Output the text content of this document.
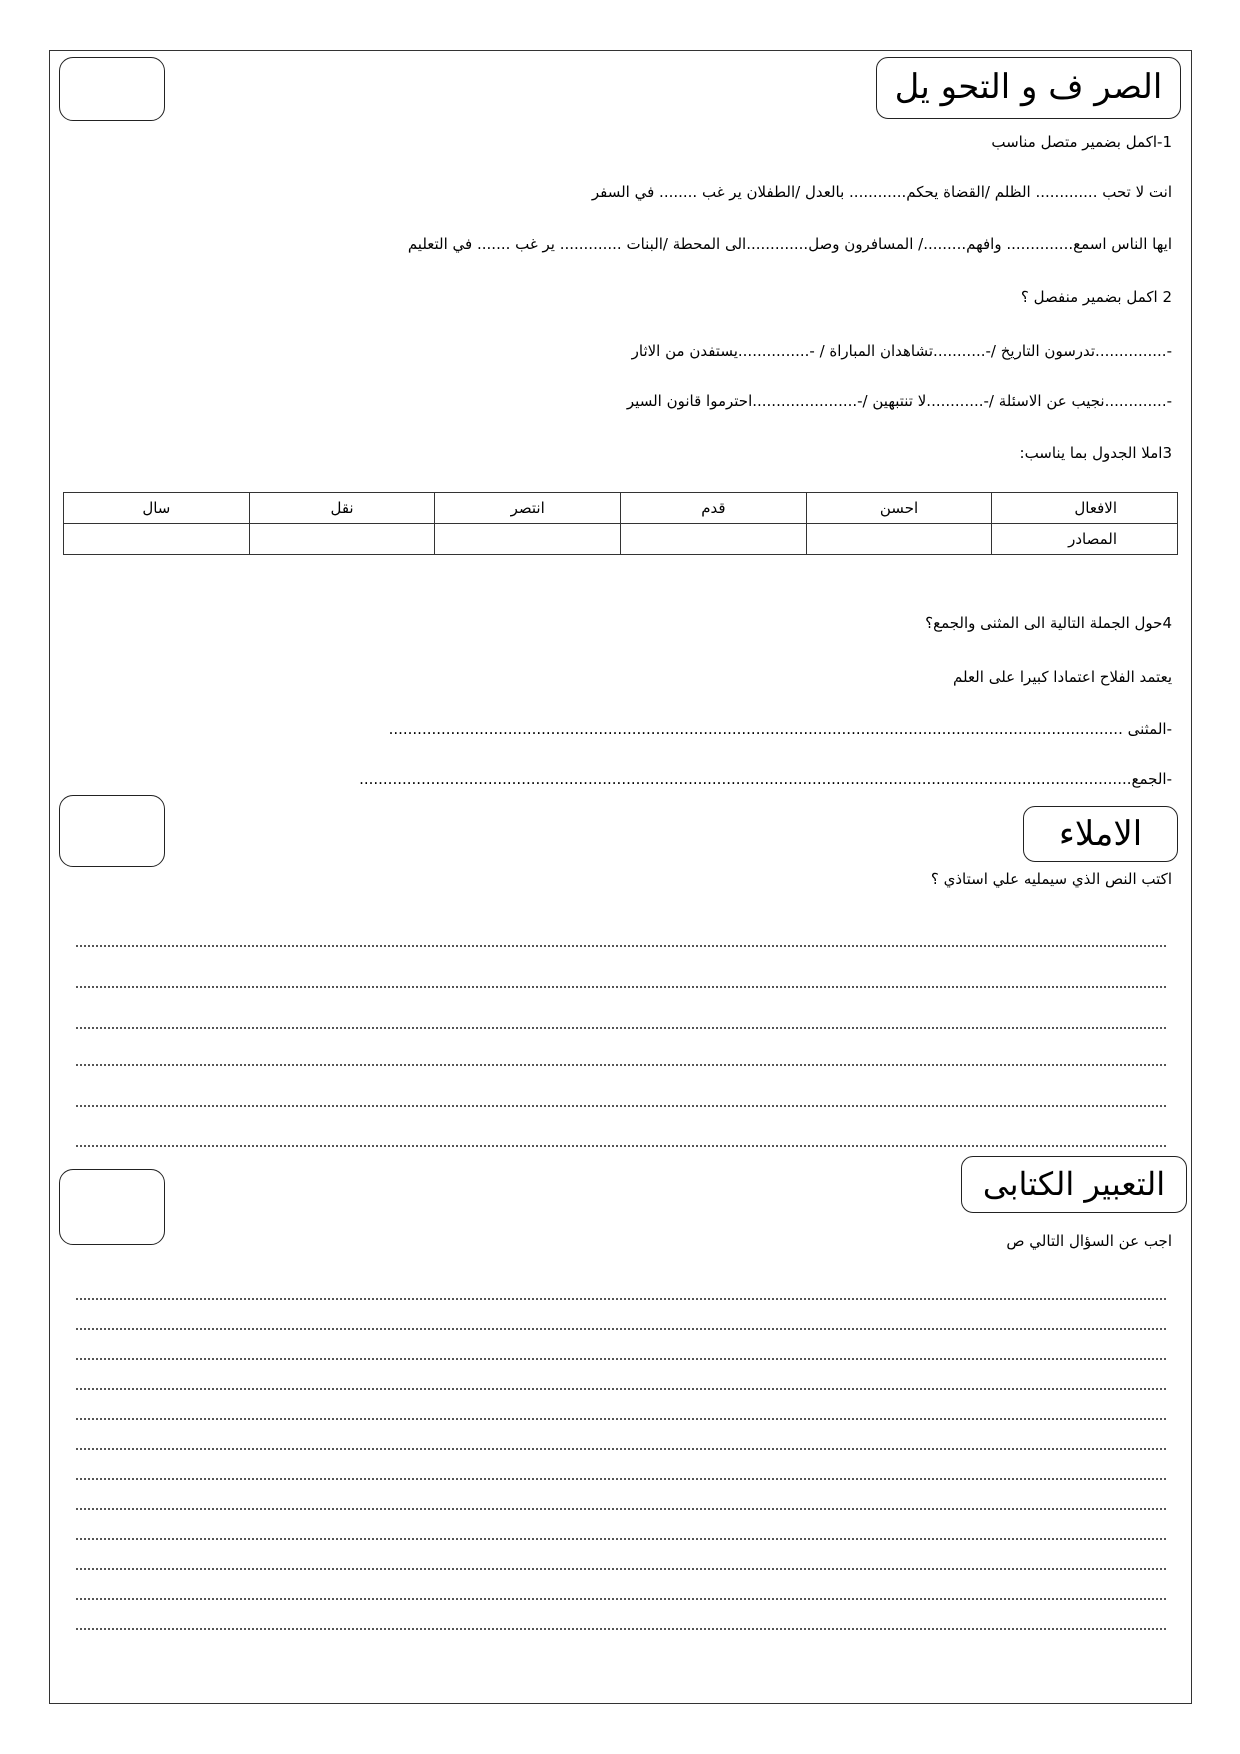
الصر ف و التحو يل
1-اكمل بضمير متصل مناسب
انت لا تحب ............. الظلم /القضاة يحكم............ بالعدل /الطفلان ير غب ........ في السفر
ايها الناس اسمع.............. وافهم........./ المسافرون وصل.............الى المحطة /البنات ............. ير غب ....... في التعليم
2 اكمل بضمير منفصل ؟
-...............تدرسون التاريخ /-...........تشاهدان المباراة / -...............يستفدن من الاثار
-.............نجيب عن الاسئلة /-............لا تنتبهين /-......................احترموا قانون السير
3املا الجدول بما يناسب:
الافعال	احسن	قدم	انتصر	نقل	سال
المصادر					
4حول الجملة التالية الى المثنى والجمع؟
يعتمد الفلاح اعتمادا كبيرا على العلم
-المثنى ..........................................................................................................................................................
-الجمع..................................................................................................................................................................
الاملاء
اكتب النص الذي سيمليه علي استاذي ؟
التعبير الكتابى
اجب عن السؤال التالي ص
